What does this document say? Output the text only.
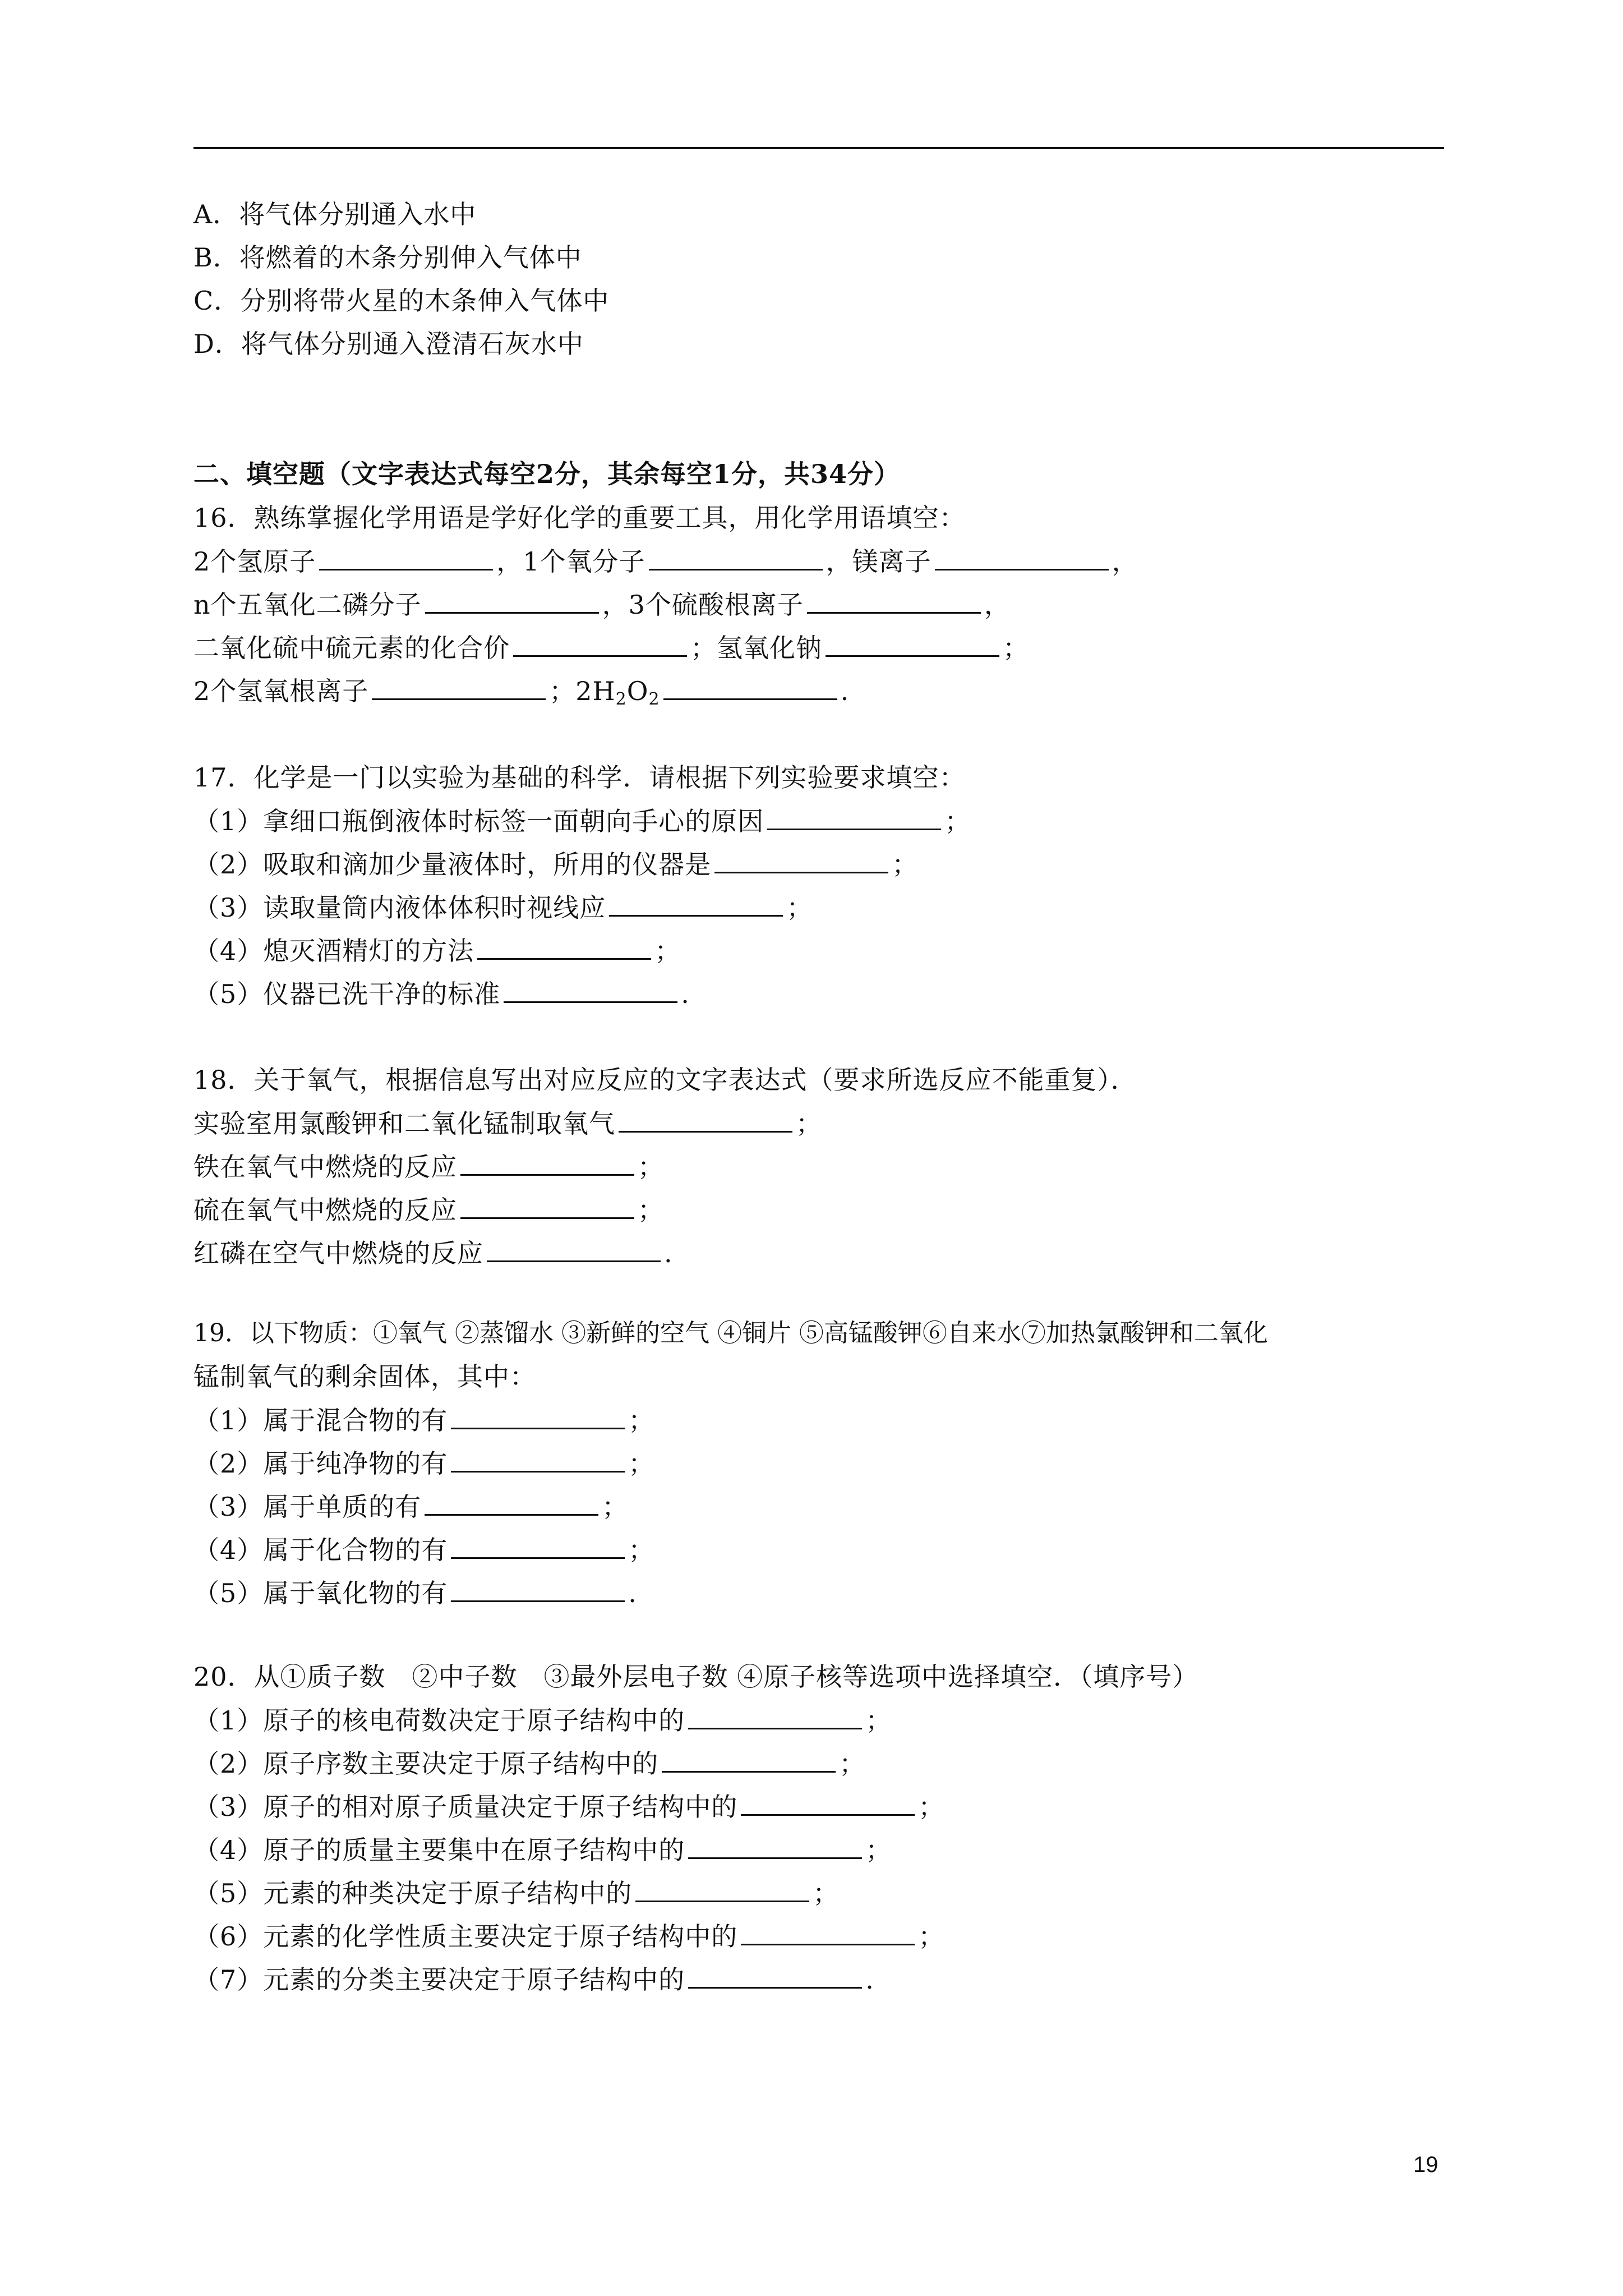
A．将气体分别通入水中
B．将燃着的木条分别伸入气体中
C．分别将带火星的木条伸入气体中
D．将气体分别通入澄清石灰水中
二、填空题（文字表达式每空2分，其余每空1分，共34分）
16．熟练掌握化学用语是学好化学的重要工具，用化学用语填空：
2个氢原子	，1个氧分子	，镁离子	，
n个五氧化二磷分子	，3个硫酸根离子	，
二氧化硫中硫元素的化合价	；氢氧化钠	；
2个氢氧根离子	；$2H_2O_2$	.
17．化学是一门以实验为基础的科学．请根据下列实验要求填空：
（1）拿细口瓶倒液体时标签一面朝向手心的原因	；
（2）吸取和滴加少量液体时，所用的仪器是	；
（3）读取量筒内液体体积时视线应	；
（4）熄灭酒精灯的方法	；
（5）仪器已洗干净的标准	.
18．关于氧气，根据信息写出对应反应的文字表达式（要求所选反应不能重复）．
实验室用氯酸钾和二氧化锰制取氧气	；
铁在氧气中燃烧的反应	；
硫在氧气中燃烧的反应	；
红磷在空气中燃烧的反应	.
19．以下物质：①氧气 ②蒸馏水 ③新鲜的空气 ④铜片 ⑤高锰酸钾⑥自来水⑦加热氯酸钾和二氧化
锰制氧气的剩余固体，其中：
（1）属于混合物的有	；
（2）属于纯净物的有	；
（3）属于单质的有	；
（4）属于化合物的有	；
（5）属于氧化物的有	.
20．从①质子数　②中子数　③最外层电子数 ④原子核等选项中选择填空．（填序号）
（1）原子的核电荷数决定于原子结构中的	；
（2）原子序数主要决定于原子结构中的	；
（3）原子的相对原子质量决定于原子结构中的	；
（4）原子的质量主要集中在原子结构中的	；
（5）元素的种类决定于原子结构中的	；
（6）元素的化学性质主要决定于原子结构中的	；
（7）元素的分类主要决定于原子结构中的	.
19
